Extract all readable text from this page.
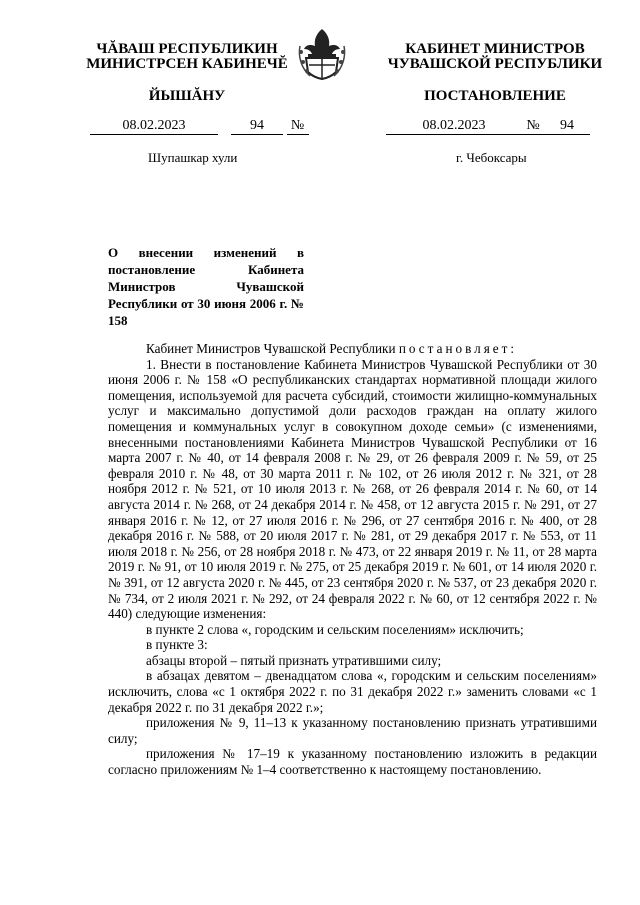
ЧĂВАШ РЕСПУБЛИКИН
МИНИСТРСЕН КАБИНЕЧĔ
ЙЫШĂНУ
КАБИНЕТ МИНИСТРОВ
ЧУВАШСКОЙ РЕСПУБЛИКИ
ПОСТАНОВЛЕНИЕ
08.02.2023	94 №	08.02.2023	№ 94
Шупашкар хули	г. Чебоксары
О внесении изменений в постановление Кабинета Министров Чувашской Республики от 30 июня 2006 г. № 158

Кабинет Министров Чувашской Республики постановляет:

1. Внести в постановление Кабинета Министров Чувашской Республики от 30 июня 2006 г. № 158 «О республиканских стандартах нормативной площади жилого помещения, используемой для расчета субсидий, стоимости жилищно-коммунальных услуг и максимально допустимой доли расходов граждан на оплату жилого помещения и коммунальных услуг в совокупном доходе семьи» (с изменениями, внесенными постановлениями Кабинета Министров Чувашской Республики от 16 марта 2007 г. № 40, от 14 февраля 2008 г. № 29, от 26 февраля 2009 г. № 59, от 25 февраля 2010 г. № 48, от 30 марта 2011 г. № 102, от 26 июля 2012 г. № 321, от 28 ноября 2012 г. № 521, от 10 июля 2013 г. № 268, от 26 февраля 2014 г. № 60, от 14 августа 2014 г. № 268, от 24 декабря 2014 г. № 458, от 12 августа 2015 г. № 291, от 27 января 2016 г. № 12, от 27 июля 2016 г. № 296, от 27 сентября 2016 г. № 400, от 28 декабря 2016 г. № 588, от 20 июля 2017 г. № 281, от 29 декабря 2017 г. № 553, от 11 июля 2018 г. № 256, от 28 ноября 2018 г. № 473, от 22 января 2019 г. № 11, от 28 марта 2019 г. № 91, от 10 июля 2019 г. № 275, от 25 декабря 2019 г. № 601, от 14 июля 2020 г. № 391, от 12 августа 2020 г. № 445, от 23 сентября 2020 г. № 537, от 23 декабря 2020 г. № 734, от 2 июля 2021 г. № 292, от 24 февраля 2022 г. № 60, от 12 сентября 2022 г. № 440) следующие изменения:

в пункте 2 слова «, городским и сельским поселениям» исключить;

в пункте 3:

абзацы второй – пятый признать утратившими силу;

в абзацах девятом – двенадцатом слова «, городским и сельским поселениям» исключить, слова «с 1 октября 2022 г. по 31 декабря 2022 г.» заменить словами «с 1 декабря 2022 г. по 31 декабря 2022 г.»;

приложения № 9, 11–13 к указанному постановлению признать утратившими силу;

приложения № 17–19 к указанному постановлению изложить в редакции согласно приложениям № 1–4 соответственно к настоящему постановлению.
